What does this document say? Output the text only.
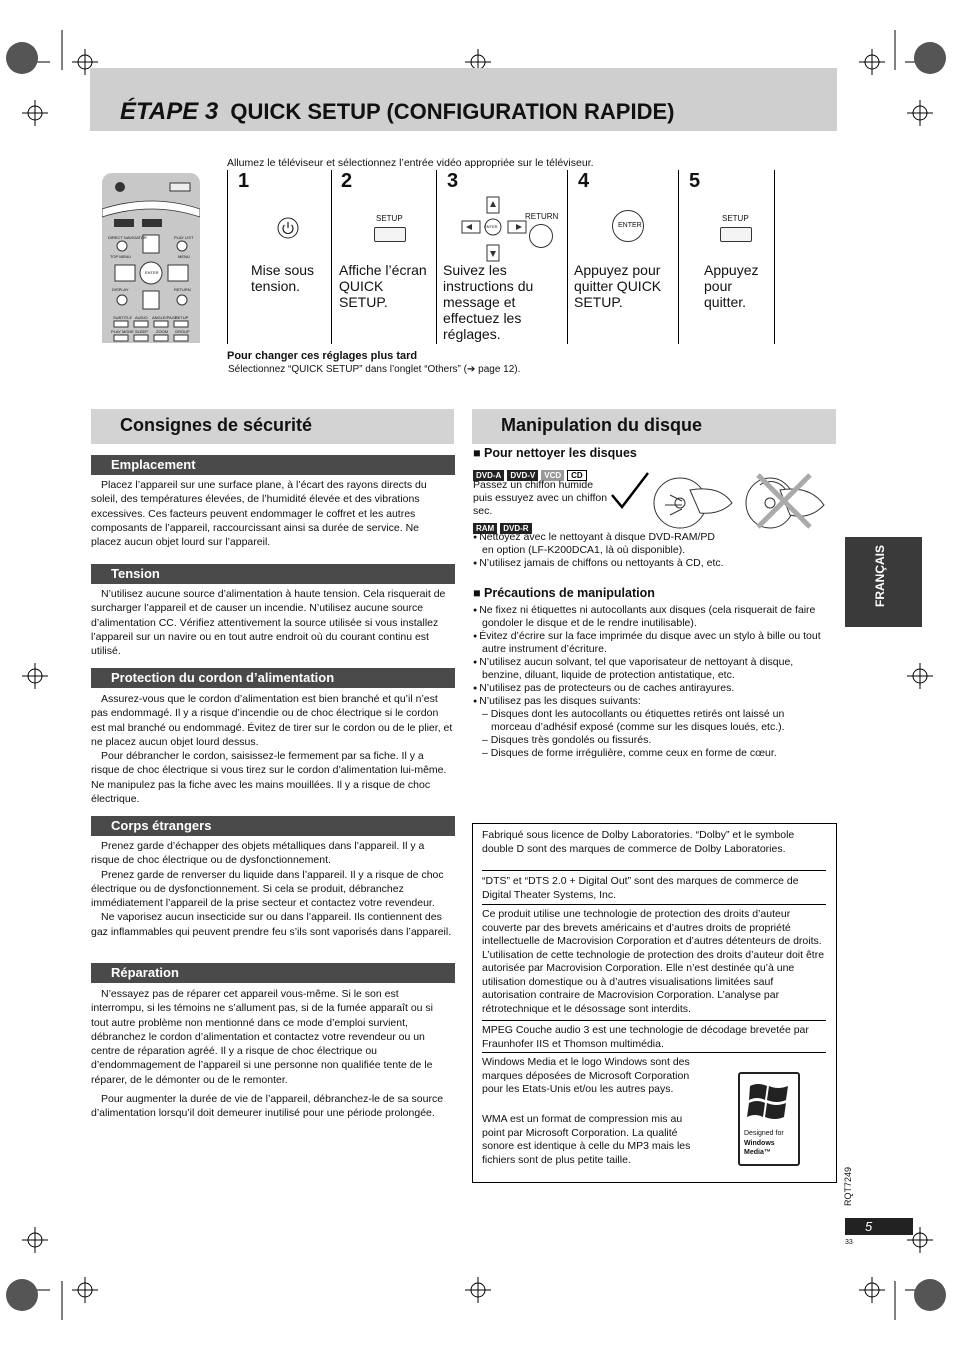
ÉTAPE 3 QUICK SETUP (CONFIGURATION RAPIDE)
Allumez le téléviseur et sélectionnez l’entrée vidéo appropriée sur le téléviseur.
ENTER
DIRECT NAVIGATOR	PLAY LIST
TOP MENU	MENU
DISPLAY	RETURN
SUBTITLE AUDIO ANGLE/PAGE
SETUP
PLAY MODE SLEEP ZOOM GROUP
1
Mise sous tension.
2
SETUP
Affiche l’écran QUICK SETUP.
3
ENTER
RETURN
Suivez les instructions du message et effectuez les réglages.
4
ENTER
Appuyez pour quitter QUICK SETUP.
5
SETUP
Appuyez pour quitter.
Pour changer ces réglages plus tard
Sélectionnez “QUICK SETUP” dans l’onglet “Others” (➔ page 12).
Consignes de sécurité
Emplacement

Placez l’appareil sur une surface plane, à l’écart des rayons directs du soleil, des températures élevées, de l’humidité élevée et des vibrations excessives. Ces facteurs peuvent endommager le coffret et les autres composants de l’appareil, raccourcissant ainsi sa durée de service. Ne placez aucun objet lourd sur l’appareil.

Tension

N’utilisez aucune source d’alimentation à haute tension. Cela risquerait de surcharger l’appareil et de causer un incendie. N’utilisez aucune source d’alimentation CC. Vérifiez attentivement la source utilisée si vous installez l’appareil sur un navire ou en tout autre endroit où du courant continu est utilisé.

Protection du cordon d’alimentation

Assurez-vous que le cordon d’alimentation est bien branché et qu’il n’est pas endommagé. Il y a risque d’incendie ou de choc électrique si le cordon est mal branché ou endommagé. Évitez de tirer sur le cordon ou de le plier, et ne placez aucun objet lourd dessus.

Pour débrancher le cordon, saisissez-le fermement par sa fiche. Il y a risque de choc électrique si vous tirez sur le cordon d’alimentation lui-même. Ne manipulez pas la fiche avec les mains mouillées. Il y a risque de choc électrique.

Corps étrangers

Prenez garde d’échapper des objets métalliques dans l’appareil. Il y a risque de choc électrique ou de dysfonctionnement.

Prenez garde de renverser du liquide dans l’appareil. Il y a risque de choc électrique ou de dysfonctionnement. Si cela se produit, débranchez immédiatement l’appareil de la prise secteur et contactez votre revendeur.

Ne vaporisez aucun insecticide sur ou dans l’appareil. Ils contiennent des gaz inflammables qui peuvent prendre feu s’ils sont vaporisés dans l’appareil.

Réparation

N’essayez pas de réparer cet appareil vous-même. Si le son est interrompu, si les témoins ne s’allument pas, si de la fumée apparaît ou si tout autre problème non mentionné dans ce mode d’emploi survient, débranchez le cordon d’alimentation et contactez votre revendeur ou un centre de réparation agréé. Il y a risque de choc électrique ou d’endommagement de l’appareil si une personne non qualifiée tente de le réparer, de le démonter ou de le remonter.

Pour augmenter la durée de vie de l’appareil, débranchez-le de sa source d’alimentation lorsqu’il doit demeurer inutilisé pour une période prolongée.

Manipulation du disque
■ Pour nettoyer les disques
DVD-A DVD-V VCD CD
Passez un chiffon humide puis essuyez avec un chiffon sec.
RAM DVD-R
● Nettoyez avec le nettoyant à disque DVD-RAM/PD en option (LF-K200DCA1, là où disponible).
● N’utilisez jamais de chiffons ou nettoyants à CD, etc.
■ Précautions de manipulation
● Ne fixez ni étiquettes ni autocollants aux disques (cela risquerait de faire gondoler le disque et de le rendre inutilisable).
● Évitez d’écrire sur la face imprimée du disque avec un stylo à bille ou tout autre instrument d’écriture.
● N’utilisez aucun solvant, tel que vaporisateur de nettoyant à disque, benzine, diluant, liquide de protection antistatique, etc.
● N’utilisez pas de protecteurs ou de caches antirayures.
● N’utilisez pas les disques suivants:
– Disques dont les autocollants ou étiquettes retirés ont laissé un morceau d’adhésif exposé (comme sur les disques loués, etc.).
– Disques très gondolés ou fissurés.
– Disques de forme irrégulière, comme ceux en forme de cœur.
Fabriqué sous licence de Dolby Laboratories. “Dolby” et le symbole double D sont des marques de commerce de Dolby Laboratories.
“DTS” et “DTS 2.0 + Digital Out” sont des marques de commerce de Digital Theater Systems, Inc.
Ce produit utilise une technologie de protection des droits d’auteur couverte par des brevets américains et d’autres droits de propriété intellectuelle de Macrovision Corporation et d’autres détenteurs de droits. L’utilisation de cette technologie de protection des droits d’auteur doit être autorisée par Macrovision Corporation. Elle n’est destinée qu’à une utilisation domestique ou à d’autres visualisations limitées sauf autorisation contraire de Macrovision Corporation. L’analyse par rétrotechnique et le désossage sont interdits.
MPEG Couche audio 3 est une technologie de décodage brevetée par Fraunhofer IIS et Thomson multimédia.
Windows Media et le logo Windows sont des marques déposées de Microsoft Corporation pour les Etats-Unis et/ou les autres pays.
WMA est un format de compression mis au point par Microsoft Corporation. La qualité sonore est identique à celle du MP3 mais les fichiers sont de plus petite taille.
Designed for
Windows
Media™
FRANÇAIS
RQT7249
5
33
